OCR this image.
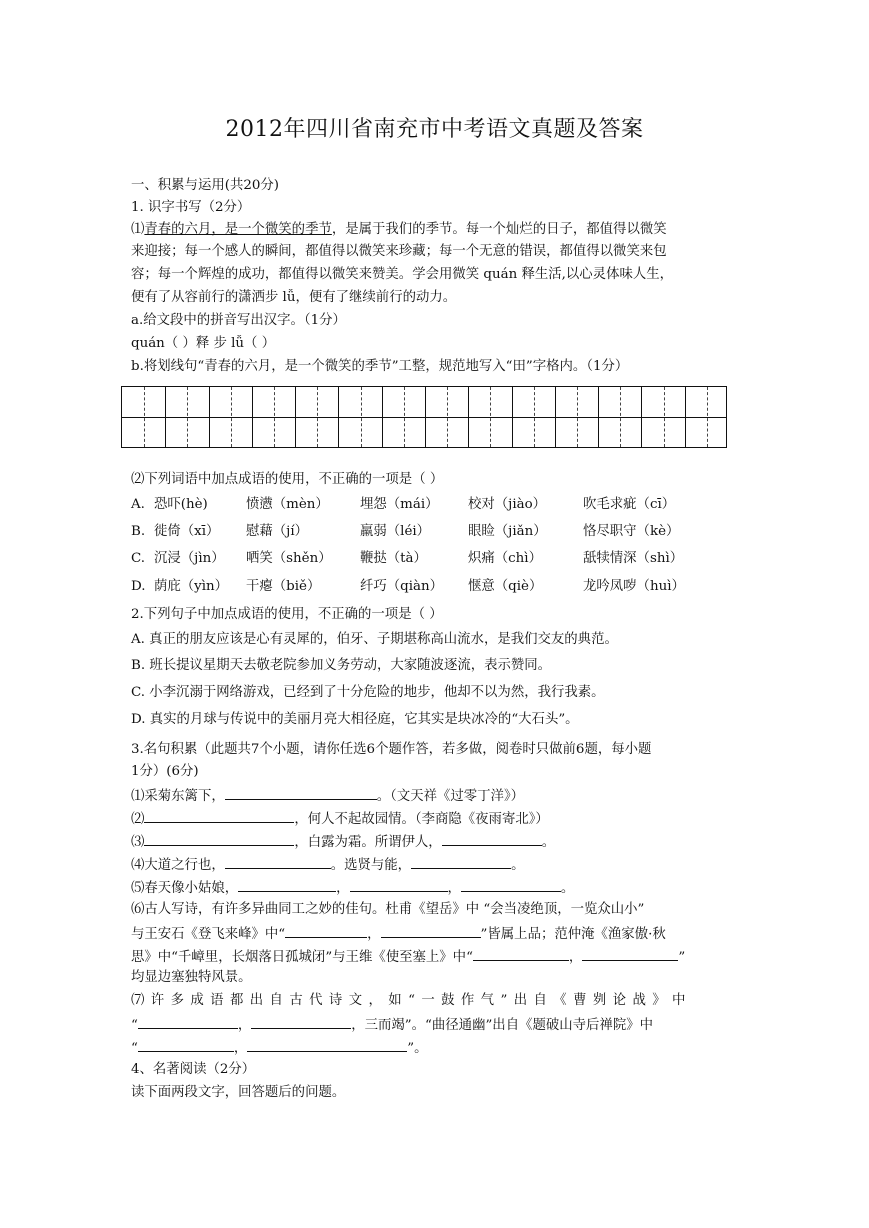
2012年四川省南充市中考语文真题及答案
一、积累与运用(共20分)
1. 识字书写（2分）
⑴青春的六月，是一个微笑的季节，是属于我们的季节。每一个灿烂的日子，都值得以微笑
来迎接；每一个感人的瞬间，都值得以微笑来珍藏；每一个无意的错误，都值得以微笑来包
容；每一个辉煌的成功，都值得以微笑来赞美。学会用微笑 quán 释生活,以心灵体味人生，
便有了从容前行的潇洒步 lǚ，便有了继续前行的动力。
a.给文段中的拼音写出汉字。（1分）
quán（ ）释 步 lǚ（ ）
b.将划线句“青春的六月，是一个微笑的季节”工整，规范地写入“田”字格内。（1分）
⑵下列词语中加点成语的使用，不正确的一项是（ ）
A. 恐吓(hè)	愤懑（mèn） 埋怨（mái） 校对（jiào）	吹毛求疵（cī）
B. 徙倚（xī） 慰藉（jí）	羸弱（léi）	眼睑（jiǎn）	恪尽职守（kè）
C. 沉浸（jìn） 哂笑（shěn） 鞭挞（tà）	炽痛（chì）	舐犊情深（shì）
D. 荫庇（yìn） 干瘪（biě）	纤巧（qiàn） 惬意（qiè）	龙吟凤哕（huì）
2.下列句子中加点成语的使用，不正确的一项是（ ）
A. 真正的朋友应该是心有灵犀的，伯牙、子期堪称高山流水，是我们交友的典范。
B. 班长提议星期天去敬老院参加义务劳动，大家随波逐流，表示赞同。
C. 小李沉溺于网络游戏，已经到了十分危险的地步，他却不以为然，我行我素。
D. 真实的月球与传说中的美丽月亮大相径庭，它其实是块冰冷的“大石头”。
3.名句积累（此题共7个小题，请你任选6个题作答，若多做，阅卷时只做前6题，每小题
1分）(6分)
⑴采菊东篱下，	。（文天祥《过零丁洋》）
⑵	，何人不起故园情。（李商隐《夜雨寄北》）
⑶	，白露为霜。所谓伊人，	。
⑷大道之行也，	。选贤与能，	。
⑸春天像小姑娘，	，	，	。
⑹古人写诗，有许多异曲同工之妙的佳句。杜甫《望岳》中 “会当凌绝顶，一览众山小”
与王安石《登飞来峰》中“	，	”皆属上品；范仲淹《渔家傲·秋
思》中“千嶂里，长烟落日孤城闭”与王维《使至塞上》中“	，	”
均显边塞独特风景。
⑺许多成语都出自古代诗文，如“一鼓作气”出自《曹刿论战》中
“	，	，三而竭”。“曲径通幽”出自《题破山寺后禅院》中
“	，	”。
4、名著阅读（2分）
读下面两段文字，回答题后的问题。
